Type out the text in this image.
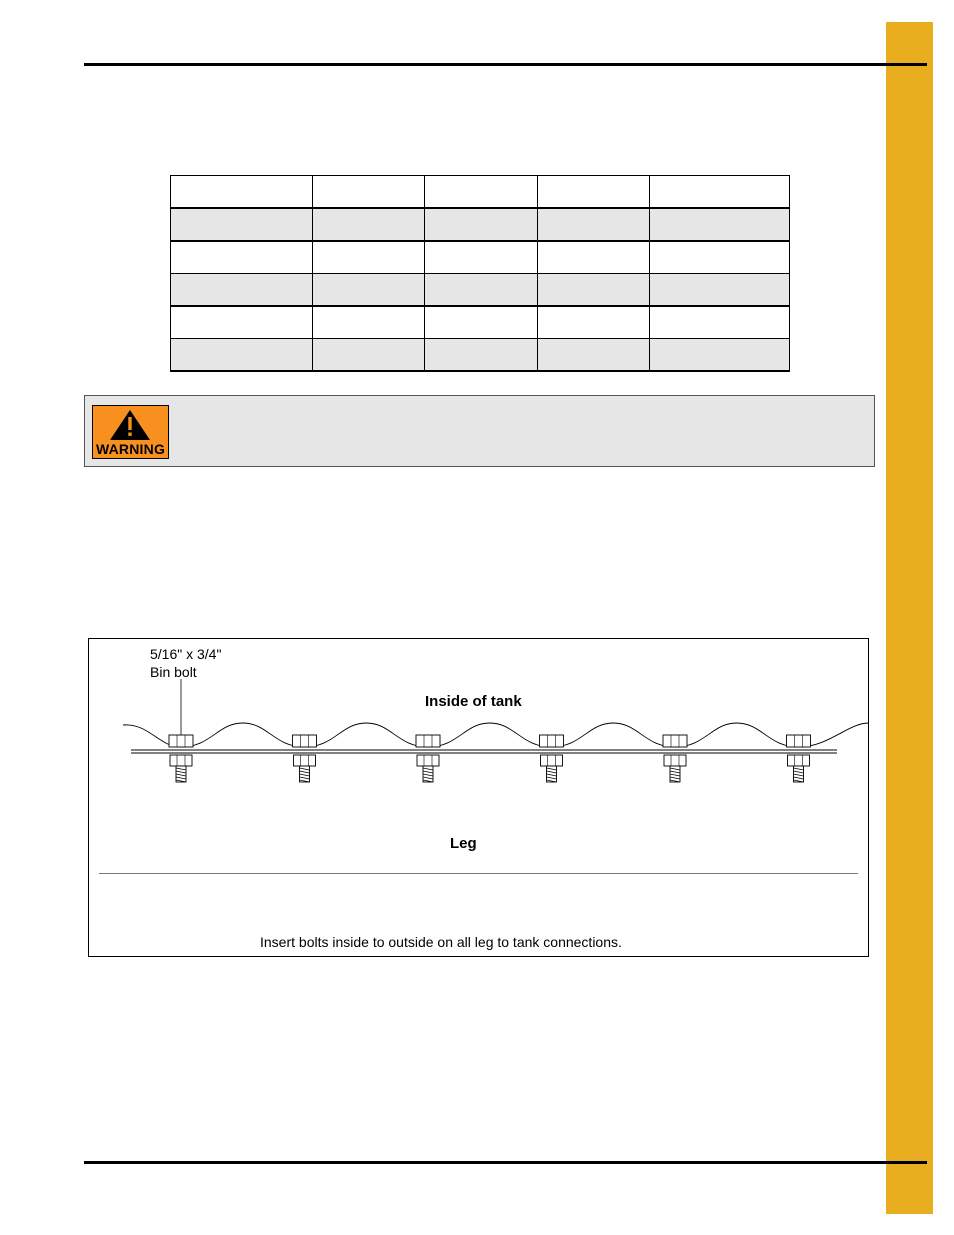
WARNING
5/16" x 3/4"
Bin bolt
Inside of tank
Leg
Insert bolts inside to outside on all leg to tank connections.
